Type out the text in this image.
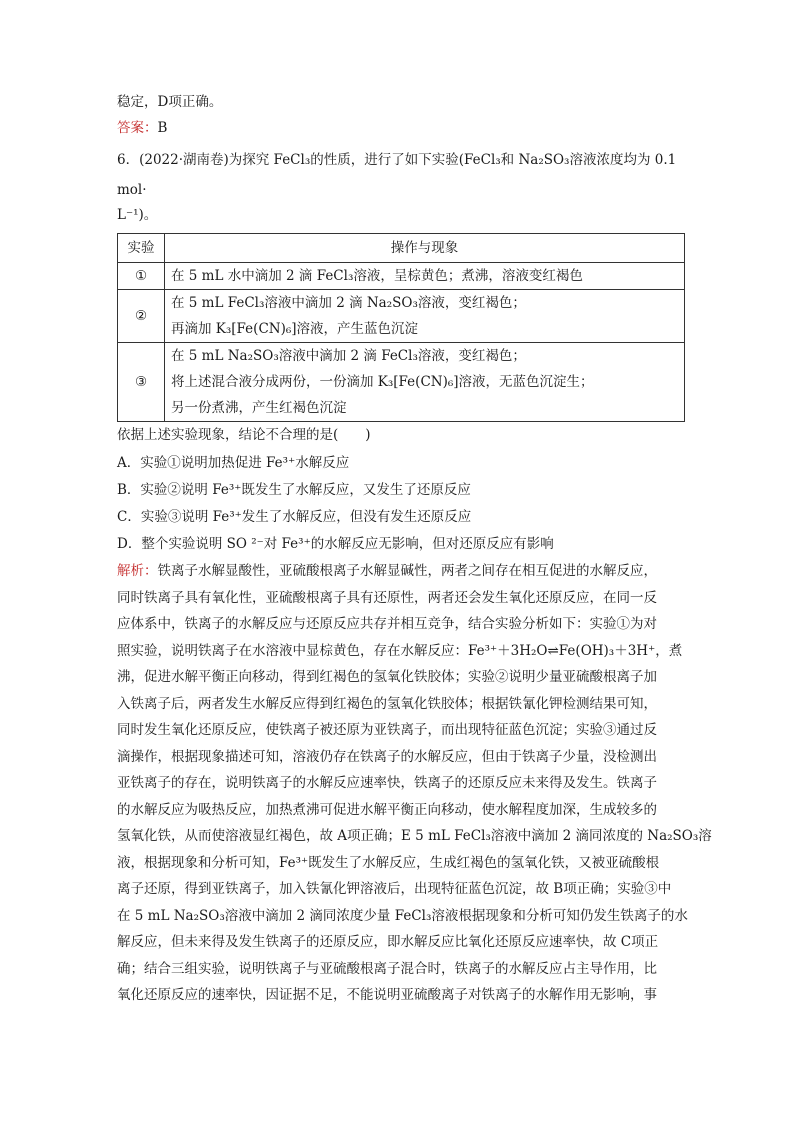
稳定，D项正确。
答案：B
6．(2022·湖南卷)为探究 FeCl₃的性质，进行了如下实验(FeCl₃和 Na₂SO₃溶液浓度均为 0.1
mol·
L⁻¹)。
实验	操作与现象
①	在 5 mL 水中滴加 2 滴 FeCl₃溶液，呈棕黄色；煮沸，溶液变红褐色

②	在 5 mL FeCl₃溶液中滴加 2 滴 Na₂SO₃溶液，变红褐色；
再滴加 K₃[Fe(CN)₆]溶液，产生蓝色沉淀

③	在 5 mL Na₂SO₃溶液中滴加 2 滴 FeCl₃溶液，变红褐色；
将上述混合液分成两份，一份滴加 K₃[Fe(CN)₆]溶液，无蓝色沉淀生；
另一份煮沸，产生红褐色沉淀
依据上述实验现象，结论不合理的是(　　)
A．实验①说明加热促进 Fe³⁺水解反应
B．实验②说明 Fe³⁺既发生了水解反应，又发生了还原反应
C．实验③说明 Fe³⁺发生了水解反应，但没有发生还原反应
D．整个实验说明 SO ²⁻对 Fe³⁺的水解反应无影响，但对还原反应有影响
解析：铁离子水解显酸性，亚硫酸根离子水解显碱性，两者之间存在相互促进的水解反应，
同时铁离子具有氧化性，亚硫酸根离子具有还原性，两者还会发生氧化还原反应，在同一反
应体系中，铁离子的水解反应与还原反应共存并相互竞争，结合实验分析如下：实验①为对
照实验，说明铁离子在水溶液中显棕黄色，存在水解反应：Fe³⁺＋3H₂O⇌Fe(OH)₃＋3H⁺，煮
沸，促进水解平衡正向移动，得到红褐色的氢氧化铁胶体；实验②说明少量亚硫酸根离子加
入铁离子后，两者发生水解反应得到红褐色的氢氧化铁胶体；根据铁氰化钾检测结果可知，
同时发生氧化还原反应，使铁离子被还原为亚铁离子，而出现特征蓝色沉淀；实验③通过反
滴操作，根据现象描述可知，溶液仍存在铁离子的水解反应，但由于铁离子少量，没检测出
亚铁离子的存在，说明铁离子的水解反应速率快，铁离子的还原反应未来得及发生。铁离子
的水解反应为吸热反应，加热煮沸可促进水解平衡正向移动，使水解程度加深，生成较多的
氢氧化铁，从而使溶液显红褐色，故 A项正确；E 5 mL FeCl₃溶液中滴加 2 滴同浓度的 Na₂SO₃溶
液，根据现象和分析可知，Fe³⁺既发生了水解反应，生成红褐色的氢氧化铁，又被亚硫酸根
离子还原，得到亚铁离子，加入铁氰化钾溶液后，出现特征蓝色沉淀，故 B项正确；实验③中
在 5 mL Na₂SO₃溶液中滴加 2 滴同浓度少量 FeCl₃溶液根据现象和分析可知仍发生铁离子的水
解反应，但未来得及发生铁离子的还原反应，即水解反应比氧化还原反应速率快，故 C项正
确；结合三组实验，说明铁离子与亚硫酸根离子混合时，铁离子的水解反应占主导作用，比
氧化还原反应的速率快，因证据不足，不能说明亚硫酸离子对铁离子的水解作用无影响，事
